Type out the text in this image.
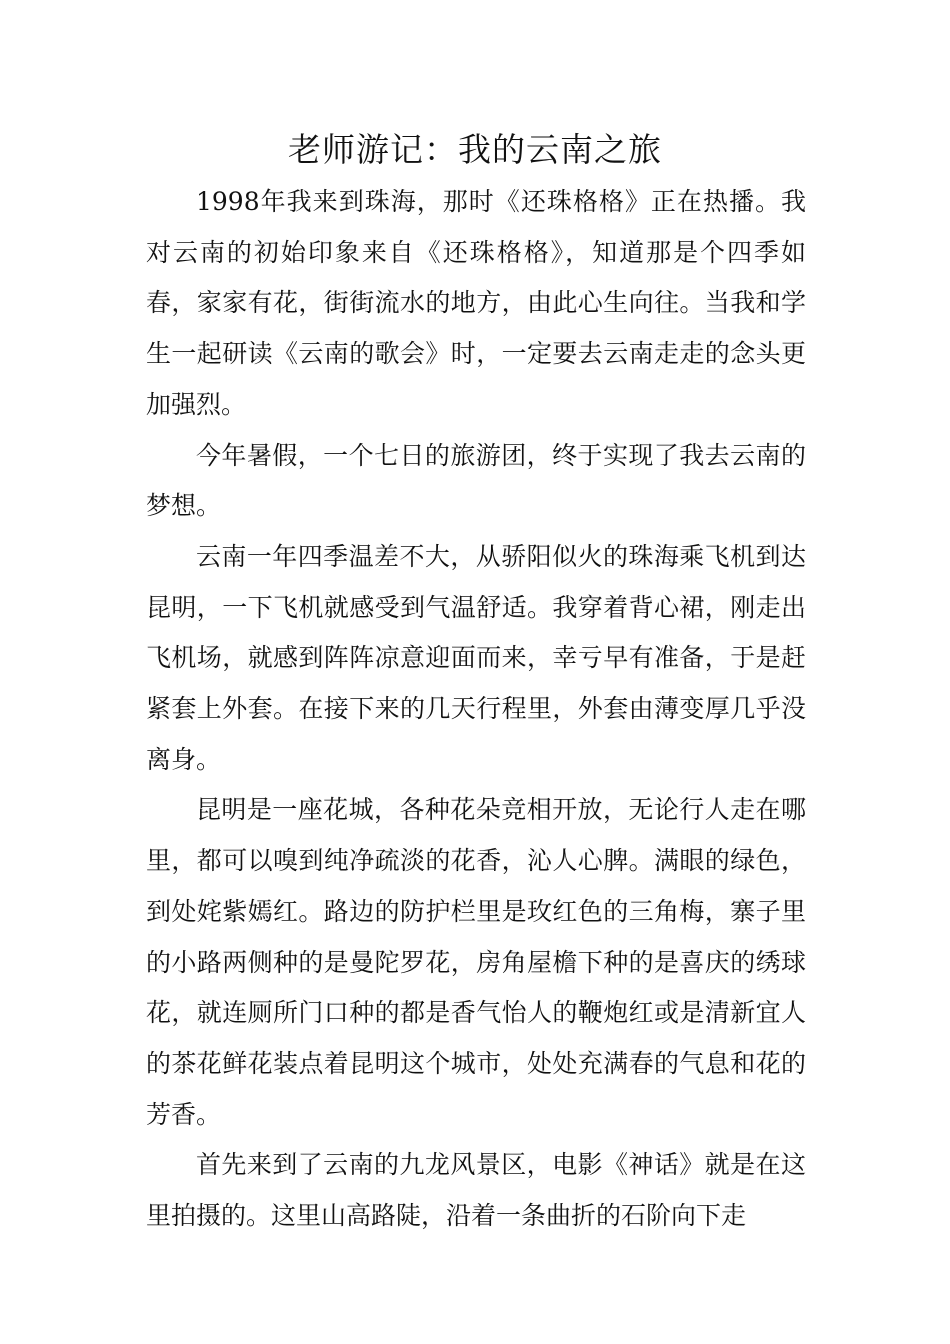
老师游记：我的云南之旅

1998年我来到珠海，那时《还珠格格》正在热播。我对云南的初始印象来自《还珠格格》，知道那是个四季如春，家家有花，街街流水的地方，由此心生向往。当我和学生一起研读《云南的歌会》时，一定要去云南走走的念头更加强烈。

今年暑假，一个七日的旅游团，终于实现了我去云南的梦想。

云南一年四季温差不大，从骄阳似火的珠海乘飞机到达昆明，一下飞机就感受到气温舒适。我穿着背心裙，刚走出飞机场，就感到阵阵凉意迎面而来，幸亏早有准备，于是赶紧套上外套。在接下来的几天行程里，外套由薄变厚几乎没离身。

昆明是一座花城，各种花朵竞相开放，无论行人走在哪里，都可以嗅到纯净疏淡的花香，沁人心脾。满眼的绿色，到处姹紫嫣红。路边的防护栏里是玫红色的三角梅，寨子里的小路两侧种的是曼陀罗花，房角屋檐下种的是喜庆的绣球花，就连厕所门口种的都是香气怡人的鞭炮红或是清新宜人的茶花鲜花装点着昆明这个城市，处处充满春的气息和花的芳香。

首先来到了云南的九龙风景区，电影《神话》就是在这里拍摄的。这里山高路陡，沿着一条曲折的石阶向下走
